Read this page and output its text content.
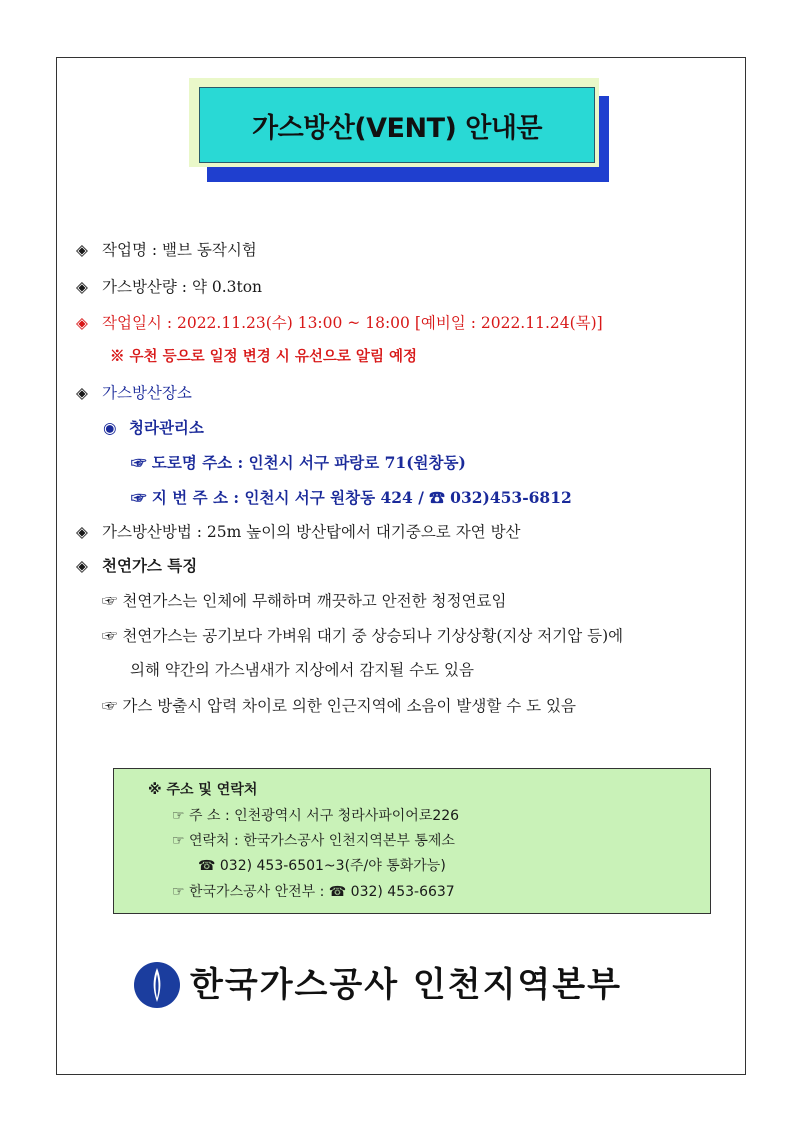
가스방산(VENT) 안내문
◈ 작업명 : 밸브 동작시험
◈ 가스방산량 : 약 0.3ton
◈ 작업일시 : 2022.11.23(수) 13:00 ~ 18:00 [예비일 : 2022.11.24(목)]
※ 우천 등으로 일정 변경 시 유선으로 알림 예정
◈ 가스방산장소
◉ 청라관리소
☞ 도로명 주소 : 인천시 서구 파랑로 71(원창동)
☞ 지 번 주 소 : 인천시 서구 원창동 424 / ☎ 032)453-6812
◈ 가스방산방법 : 25m 높이의 방산탑에서 대기중으로 자연 방산
◈ 천연가스 특징
☞ 천연가스는 인체에 무해하며 깨끗하고 안전한 청정연료임
☞ 천연가스는 공기보다 가벼워 대기 중 상승되나 기상상황(지상 저기압 등)에
의해 약간의 가스냄새가 지상에서 감지될 수도 있음
☞ 가스 방출시 압력 차이로 의한 인근지역에 소음이 발생할 수 도 있음
※ 주소 및 연락처
☞ 주 소 : 인천광역시 서구 청라사파이어로226
☞ 연락처 : 한국가스공사 인천지역본부 통제소
☎ 032) 453-6501~3(주/야 통화가능)
☞ 한국가스공사 안전부 : ☎ 032) 453-6637
한국가스공사 인천지역본부
